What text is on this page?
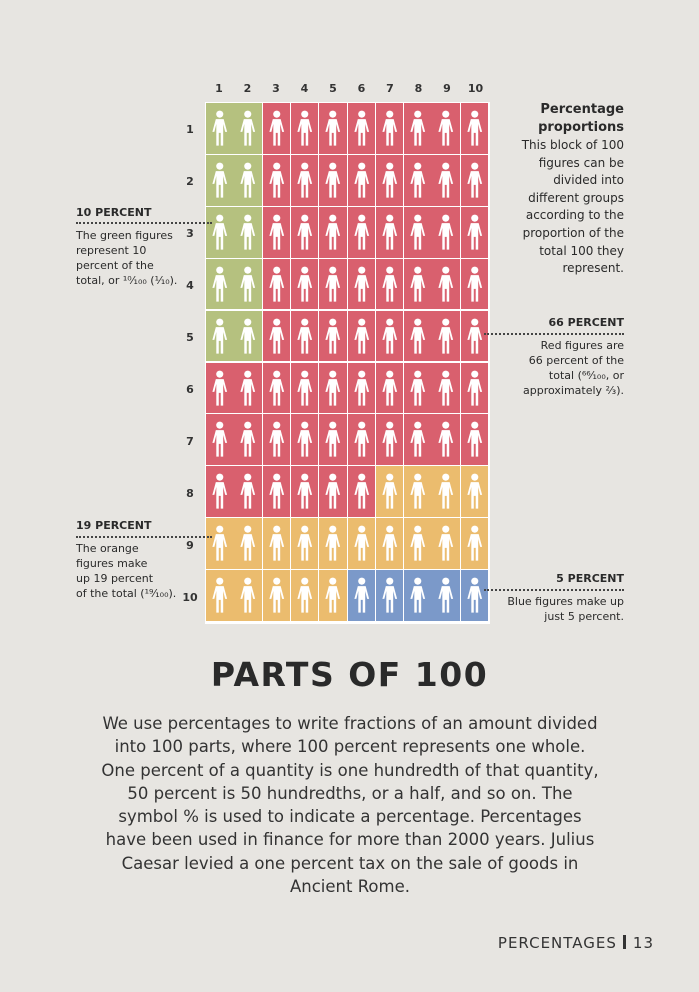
1	2	3	4	5	6	7	8	9	10
1
2
3
4
5
6
7
8
9
10
Percentage
proportions
This block of 100
figures can be
divided into
different groups
according to the
proportion of the
total 100 they
represent.
10 PERCENT
The green figures
represent 10
percent of the
total, or ¹⁰⁄₁₀₀ (¹⁄₁₀).
19 PERCENT
The orange
figures make
up 19 percent
of the total (¹⁹⁄₁₀₀).
66 PERCENT
Red figures are
66 percent of the
total (⁶⁶⁄₁₀₀, or
approximately ²⁄₃).
5 PERCENT
Blue figures make up
just 5 percent.
PARTS OF 100
We use percentages to write fractions of an amount divided into 100 parts, where 100 percent represents one whole. One percent of a quantity is one hundredth of that quantity, 50 percent is 50 hundredths, or a half, and so on. The symbol % is used to indicate a percentage. Percentages have been used in finance for more than 2000 years. Julius Caesar levied a one percent tax on the sale of goods in Ancient Rome.
PERCENTAGES 13
